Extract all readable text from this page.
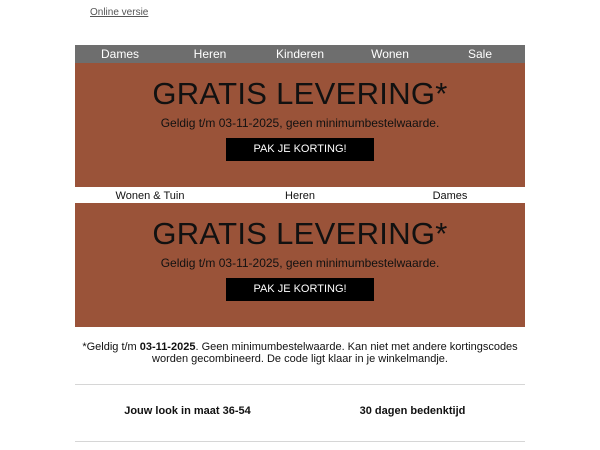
Online versie
Dames	Heren	Kinderen	Wonen	Sale
GRATIS LEVERING*

Geldig t/m 03-11-2025, geen minimumbestelwaarde.

PAK JE KORTING!
Wonen & Tuin	Heren	Dames
GRATIS LEVERING*

Geldig t/m 03-11-2025, geen minimumbestelwaarde.

PAK JE KORTING!
*Geldig t/m 03-11-2025. Geen minimumbestelwaarde. Kan niet met andere kortingscodes worden gecombineerd. De code ligt klaar in je winkelmandje.
Jouw look in maat 36-54	30 dagen bedenktijd
